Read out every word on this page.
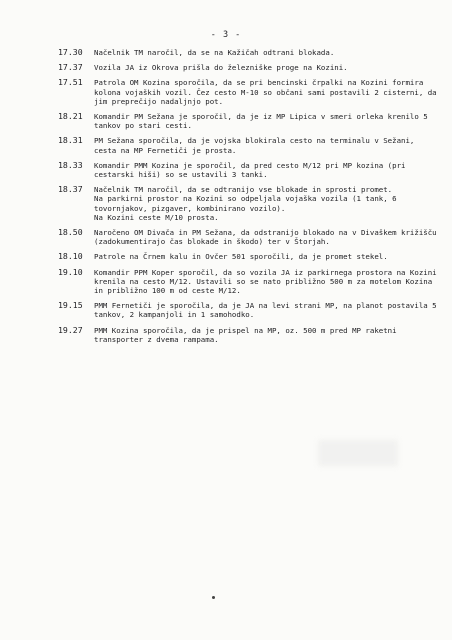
- 3 -
17.30	Načelnik TM naročil, da se na Kažičah odtrani blokada.
17.37	Vozila JA iz Okrova prišla do železniške proge na Kozini.
17.51	Patrola OM Kozina sporočila, da se pri bencinski črpalki na Kozini formira kolona vojaških vozil. Čez cesto M-10 so občani sami postavili 2 cisterni, da jim preprečijo nadaljnjo pot.
18.21	Komandir PM Sežana je sporočil, da je iz MP Lipica v smeri orleka krenilo 5 tankov po stari cesti.
18.31	PM Sežana sporočila, da je vojska blokirala cesto na terminalu v Sežani, cesta na MP Fernetiči je prosta.
18.33	Komandir PMM Kozina je sporočil, da pred cesto M/12 pri MP kozina (pri cestarski hiši) so se ustavili 3 tanki.
18.37	Načelnik TM naročil, da se odtranijo vse blokade in sprosti promet.
Na parkirni prostor na Kozini so odpeljala vojaška vozila (1 tank, 6 tovornjakov, pizgaver, kombinirano vozilo).
Na Kozini ceste M/10 prosta.
18.50	Naročeno OM Divača in PM Sežana, da odstranijo blokado na v Divaškem križišču (zadokumentirajo čas blokade in škodo) ter v Štorjah.
18.10	Patrole na Črnem kalu in Ovčer 501 sporočili, da je promet stekel.
19.10	Komandir PPM Koper sporočil, da so vozila JA iz parkirnega prostora na Kozini krenila na cesto M/12. Ustavili so se nato približno 500 m za motelom Kozina in približno 100 m od ceste M/12.
19.15	PMM Fernetiči je sporočila, da je JA na levi strani MP, na planot postavila 5 tankov, 2 kampanjoli in 1 samohodko.
19.27	PMM Kozina sporočila, da je prispel na MP, oz. 500 m pred MP raketni transporter z dvema rampama.
